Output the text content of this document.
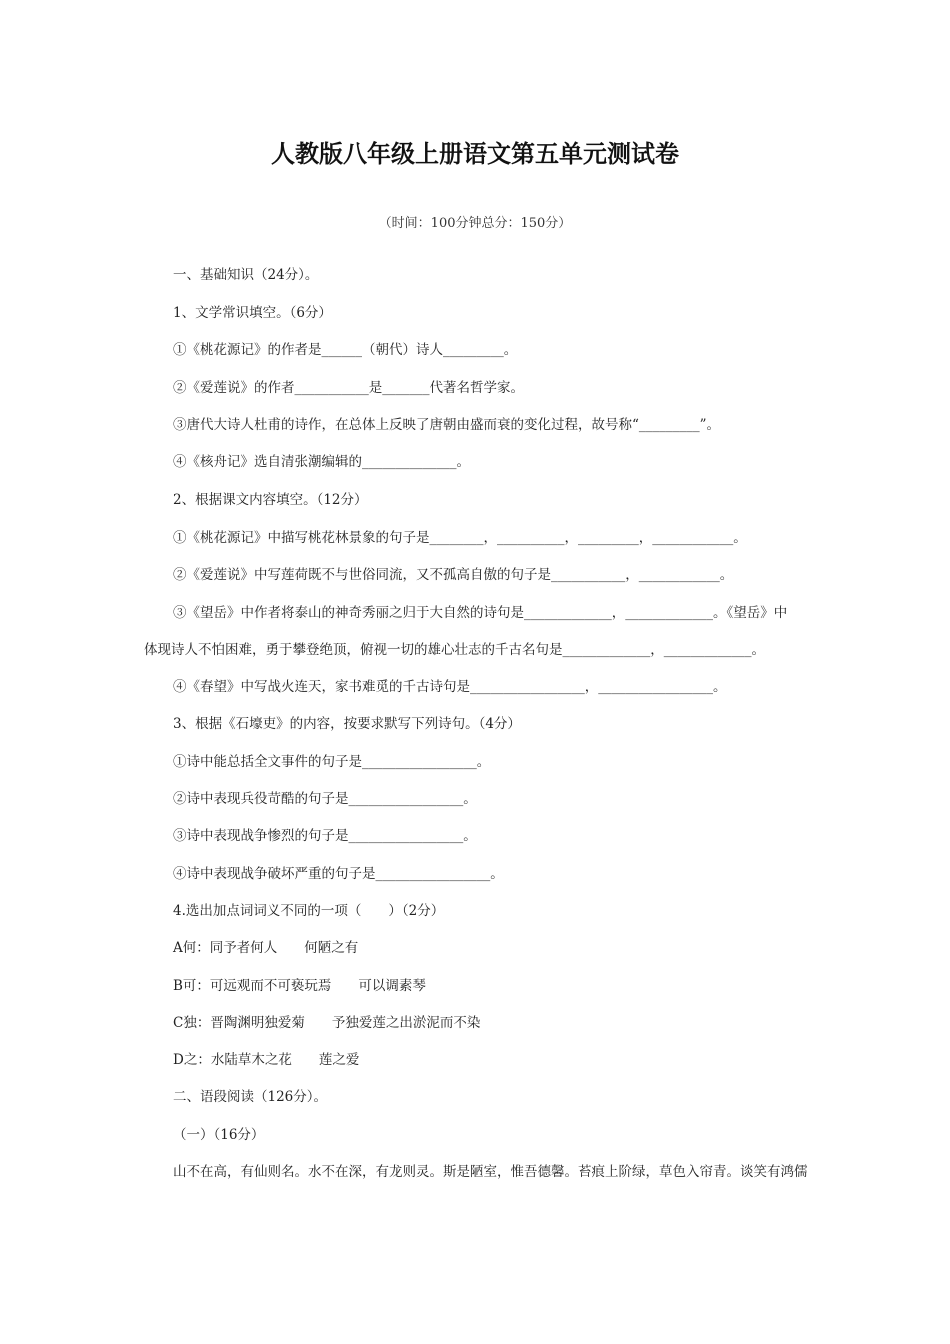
人教版八年级上册语文第五单元测试卷
（时间：100分钟总分：150分）
一、基础知识（24分）。
1、文学常识填空。（6分）
①《桃花源记》的作者是______（朝代）诗人_________。
②《爱莲说》的作者___________是_______代著名哲学家。
③唐代大诗人杜甫的诗作，在总体上反映了唐朝由盛而衰的变化过程，故号称“_________”。
④《核舟记》选自清张潮编辑的______________。
2、根据课文内容填空。（12分）
①《桃花源记》中描写桃花林景象的句子是________，__________，_________，____________。
②《爱莲说》中写莲荷既不与世俗同流，又不孤高自傲的句子是___________，____________。
③《望岳》中作者将泰山的神奇秀丽之归于大自然的诗句是_____________，_____________。《望岳》中
体现诗人不怕困难，勇于攀登绝顶，俯视一切的雄心壮志的千古名句是_____________，_____________。
④《春望》中写战火连天，家书难觅的千古诗句是_________________，_________________。
3、根据《石壕吏》的内容，按要求默写下列诗句。（4分）
①诗中能总括全文事件的句子是_________________。
②诗中表现兵役苛酷的句子是_________________。
③诗中表现战争惨烈的句子是_________________。
④诗中表现战争破坏严重的句子是_________________。
4.选出加点词词义不同的一项（　　）（2分）
A何：同予者何人　　何陋之有
B可：可远观而不可亵玩焉　　可以调素琴
C独：晋陶渊明独爱菊　　予独爱莲之出淤泥而不染
D之：水陆草木之花　　莲之爱
二、语段阅读（126分）。
（一）（16分）
山不在高，有仙则名。水不在深，有龙则灵。斯是陋室，惟吾德馨。苔痕上阶绿，草色入帘青。谈笑有鸿儒
